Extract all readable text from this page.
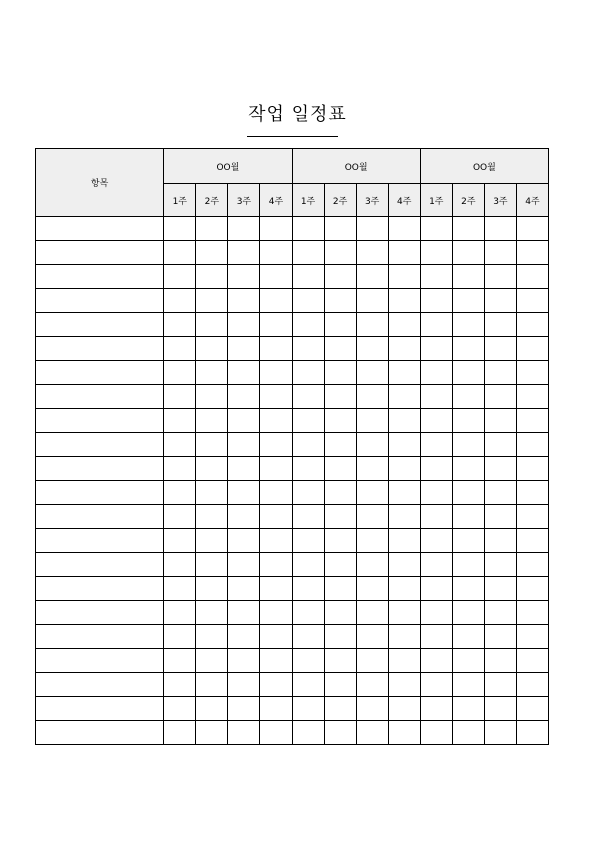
작업 일정표
항목	OO월				OO월				OO월			
	1주	2주	3주	4주	1주	2주	3주	4주	1주	2주	3주	4주
